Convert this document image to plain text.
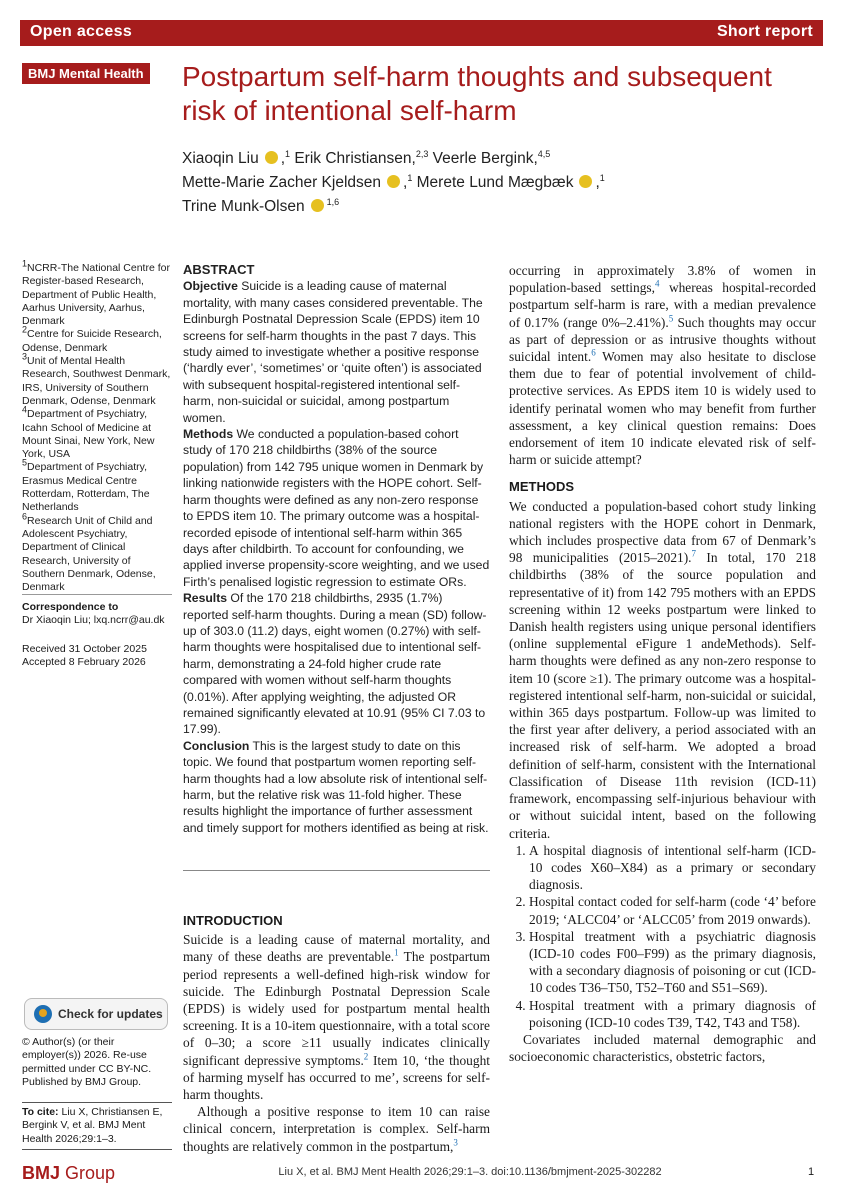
Open access	Short report
BMJ Mental Health Postpartum self-harm thoughts and subsequent risk of intentional self-harm
Xiaoqin Liu ,$^1$ Erik Christiansen,$^{2,3}$ Veerle Bergink,$^{4,5}$
Mette-Marie Zacher Kjeldsen ,$^1$ Merete Lund Mægbæk ,$^1$
Trine Munk-Olsen $^{1,6}$

$^1$NCRR-The National Centre for Register-based Research, Department of Public Health, Aarhus University, Aarhus, Denmark

$^2$Centre for Suicide Research, Odense, Denmark

$^3$Unit of Mental Health Research, Southwest Denmark, IRS, University of Southern Denmark, Odense, Denmark

$^4$Department of Psychiatry, Icahn School of Medicine at Mount Sinai, New York, New York, USA

$^5$Department of Psychiatry, Erasmus Medical Centre Rotterdam, Rotterdam, The Netherlands

$^6$Research Unit of Child and Adolescent Psychiatry, Department of Clinical Research, University of Southern Denmark, Odense, Denmark

Correspondence to
Dr Xiaoqin Liu; lxq.ncrr@au.dk
Received 31 October 2025
Accepted 8 February 2026
Check for updates
© Author(s) (or their employer(s)) 2026. Re-use permitted under CC BY-NC. Published by BMJ Group.
To cite: Liu X, Christiansen E, Bergink V, et al. BMJ Ment Health 2026;29:1–3.
ABSTRACT

Objective Suicide is a leading cause of maternal mortality, with many cases considered preventable. The Edinburgh Postnatal Depression Scale (EPDS) item 10 screens for self-harm thoughts in the past 7 days. This study aimed to investigate whether a positive response (‘hardly ever’, ‘sometimes’ or ‘quite often’) is associated with subsequent hospital-registered intentional self-harm, non-suicidal or suicidal, among postpartum women.

Methods We conducted a population-based cohort study of 170 218 childbirths (38% of the source population) from 142 795 unique women in Denmark by linking nationwide registers with the HOPE cohort. Self-harm thoughts were defined as any non-zero response to EPDS item 10. The primary outcome was a hospital-recorded episode of intentional self-harm within 365 days after childbirth. To account for confounding, we applied inverse propensity-score weighting, and we used Firth’s penalised logistic regression to estimate ORs.

Results Of the 170 218 childbirths, 2935 (1.7%) reported self-harm thoughts. During a mean (SD) follow-up of 303.0 (11.2) days, eight women (0.27%) with self-harm thoughts were hospitalised due to intentional self-harm, demonstrating a 24-fold higher crude rate compared with women without self-harm thoughts (0.01%). After applying weighting, the adjusted OR remained significantly elevated at 10.91 (95% CI 7.03 to 17.99).

Conclusion This is the largest study to date on this topic. We found that postpartum women reporting self-harm thoughts had a low absolute risk of intentional self-harm, but the relative risk was 11-fold higher. These results highlight the importance of further assessment and timely support for mothers identified as being at risk.

INTRODUCTION

Suicide is a leading cause of maternal mortality, and many of these deaths are preventable.$^1$ The postpartum period represents a well-defined high-risk window for suicide. The Edinburgh Postnatal Depression Scale (EPDS) is widely used for postpartum mental health screening. It is a 10-item questionnaire, with a total score of 0–30; a score ≥11 usually indicates clinically significant depressive symptoms.$^2$ Item 10, ‘the thought of harming myself has occurred to me’, screens for self-harm thoughts.

Although a positive response to item 10 can raise clinical concern, interpretation is complex. Self-harm thoughts are relatively common in the postpartum,$^3$

occurring in approximately 3.8% of women in population-based settings,$^4$ whereas hospital-recorded postpartum self-harm is rare, with a median prevalence of 0.17% (range 0%–2.41%).$^5$ Such thoughts may occur as part of depression or as intrusive thoughts without suicidal intent.$^6$ Women may also hesitate to disclose them due to fear of potential involvement of child-protective services. As EPDS item 10 is widely used to identify perinatal women who may benefit from further assessment, a key clinical question remains: Does endorsement of item 10 indicate elevated risk of self-harm or suicide attempt?

METHODS

We conducted a population-based cohort study linking national registers with the HOPE cohort in Denmark, which includes prospective data from 67 of Denmark’s 98 municipalities (2015–2021).$^7$ In total, 170 218 childbirths (38% of the source population and representative of it) from 142 795 mothers with an EPDS screening within 12 weeks postpartum were linked to Danish health registers using unique personal identifiers (online supplemental eFigure 1 andeMethods). Self-harm thoughts were defined as any non-zero response to item 10 (score ≥1). The primary outcome was a hospital-registered intentional self-harm, non-suicidal or suicidal, within 365 days postpartum. Follow-up was limited to the first year after delivery, a period associated with an increased risk of self-harm. We adopted a broad definition of self-harm, consistent with the International Classification of Disease 11th revision (ICD-11) framework, encompassing self-injurious behaviour with or without suicidal intent, based on the following criteria.

1. A hospital diagnosis of intentional self-harm (ICD-10 codes X60–X84) as a primary or secondary diagnosis.
2. Hospital contact coded for self-harm (code ‘4’ before 2019; ‘ALCC04’ or ‘ALCC05’ from 2019 onwards).
3. Hospital treatment with a psychiatric diagnosis (ICD-10 codes F00–F99) as the primary diagnosis, with a secondary diagnosis of poisoning or cut (ICD-10 codes T36–T50, T52–T60 and S51–S69).
4. Hospital treatment with a primary diagnosis of poisoning (ICD-10 codes T39, T42, T43 and T58).

Covariates included maternal demographic and socioeconomic characteristics, obstetric factors,

BMJ Group	Liu X, et al. BMJ Ment Health 2026;29:1–3. doi:10.1136/bmjment-2025-302282	1
